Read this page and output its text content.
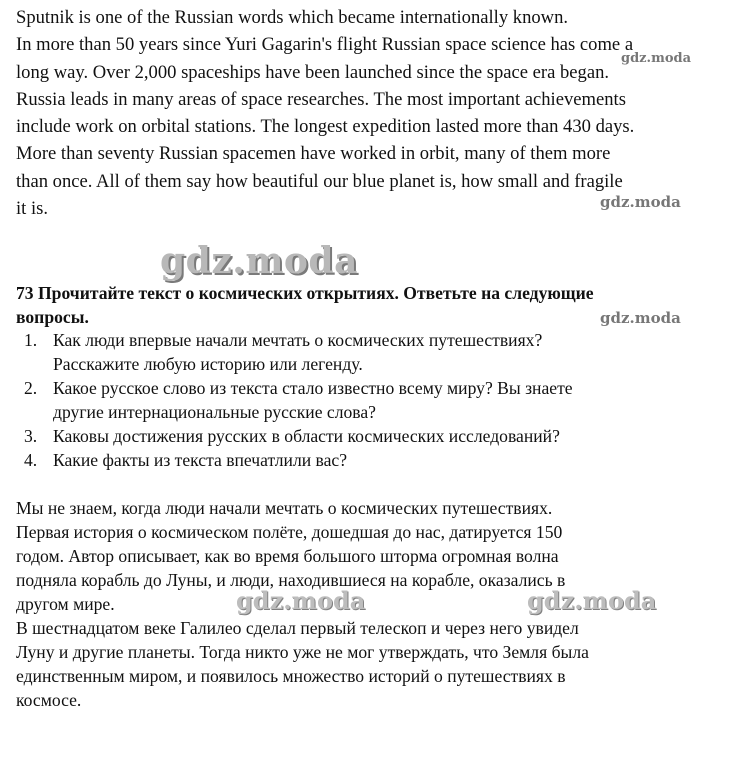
Sputnik is one of the Russian words which became internationally known.

In more than 50 years since Yuri Gagarin's flight Russian space science has come a

long way. Over 2,000 spaceships have been launched since the space era began.

Russia leads in many areas of space researches. The most important achievements

include work on orbital stations. The longest expedition lasted more than 430 days.

More than seventy Russian spacemen have worked in orbit, many of them more

than once. All of them say how beautiful our blue planet is, how small and fragile

it is.

73 Прочитайте текст о космических открытиях. Ответьте на следующие
вопросы.
1. Как люди впервые начали мечтать о космических путешествиях?
Расскажите любую историю или легенду.
2. Какое русское слово из текста стало известно всему миру? Вы знаете
другие интернациональные русские слова?
3. Каковы достижения русских в области космических исследований?
4. Какие факты из текста впечатлили вас?

Мы не знаем, когда люди начали мечтать о космических путешествиях.

Первая история о космическом полёте, дошедшая до нас, датируется 150

годом. Автор описывает, как во время большого шторма огромная волна

подняла корабль до Луны, и люди, находившиеся на корабле, оказались в

другом мире.

В шестнадцатом веке Галилео сделал первый телескоп и через него увидел

Луну и другие планеты. Тогда никто уже не мог утверждать, что Земля была

единственным миром, и появилось множество историй о путешествиях в

космосе.

gdz.moda
gdz.moda
gdz.moda
gdz.moda
gdz.moda	gdz.moda
